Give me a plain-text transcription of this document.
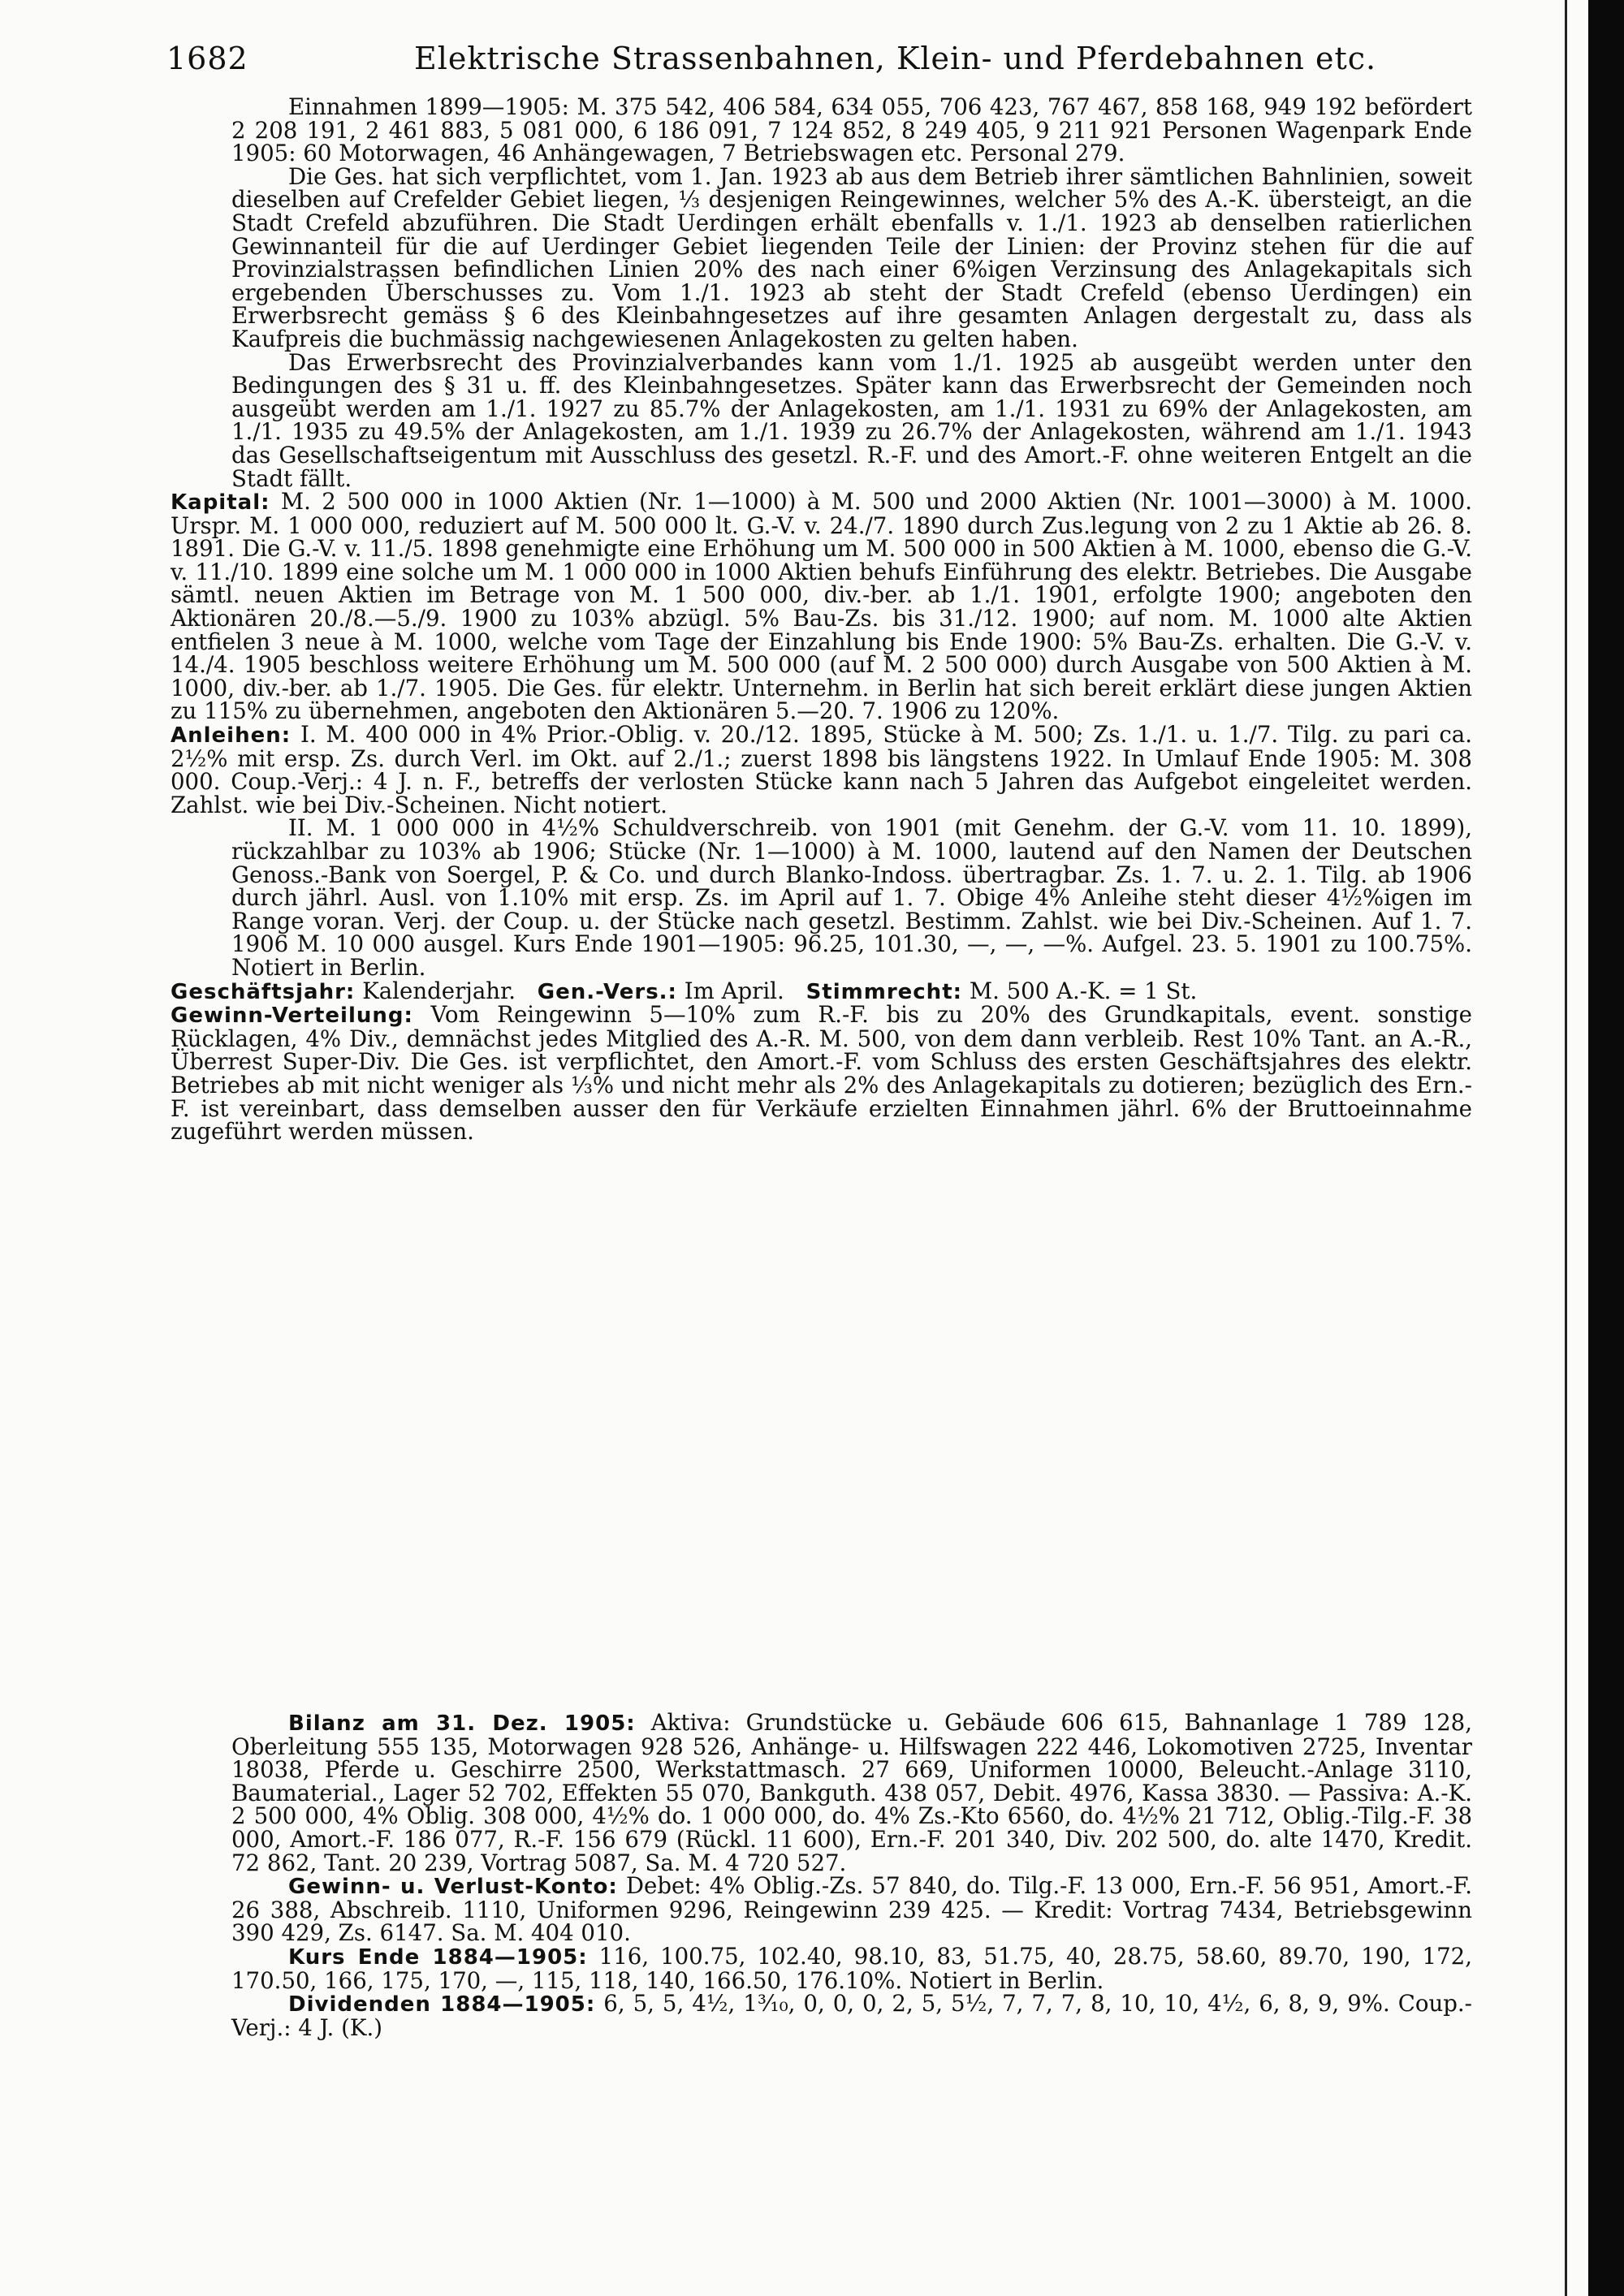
1682	Elektrische Strassenbahnen, Klein- und Pferdebahnen etc.

Einnahmen 1899—1905: M. 375 542, 406 584, 634 055, 706 423, 767 467, 858 168, 949 192 befördert 2 208 191, 2 461 883, 5 081 000, 6 186 091, 7 124 852, 8 249 405, 9 211 921 Personen Wagenpark Ende 1905: 60 Motorwagen, 46 Anhängewagen, 7 Betriebswagen etc. Personal 279.

Die Ges. hat sich verpflichtet, vom 1. Jan. 1923 ab aus dem Betrieb ihrer sämtlichen Bahnlinien, soweit dieselben auf Crefelder Gebiet liegen, ⅓ desjenigen Reingewinnes, welcher 5% des A.-K. übersteigt, an die Stadt Crefeld abzuführen. Die Stadt Uerdingen erhält ebenfalls v. 1./1. 1923 ab denselben ratierlichen Gewinnanteil für die auf Uerdinger Gebiet liegenden Teile der Linien: der Provinz stehen für die auf Provinzialstrassen befindlichen Linien 20% des nach einer 6%igen Verzinsung des Anlagekapitals sich ergebenden Überschusses zu. Vom 1./1. 1923 ab steht der Stadt Crefeld (ebenso Uerdingen) ein Erwerbsrecht gemäss § 6 des Kleinbahngesetzes auf ihre gesamten Anlagen dergestalt zu, dass als Kaufpreis die buchmässig nachgewiesenen Anlagekosten zu gelten haben.

Das Erwerbsrecht des Provinzialverbandes kann vom 1./1. 1925 ab ausgeübt werden unter den Bedingungen des § 31 u. ff. des Kleinbahngesetzes. Später kann das Erwerbsrecht der Gemeinden noch ausgeübt werden am 1./1. 1927 zu 85.7% der Anlagekosten, am 1./1. 1931 zu 69% der Anlagekosten, am 1./1. 1935 zu 49.5% der Anlagekosten, am 1./1. 1939 zu 26.7% der Anlagekosten, während am 1./1. 1943 das Gesellschaftseigentum mit Ausschluss des gesetzl. R.-F. und des Amort.-F. ohne weiteren Entgelt an die Stadt fällt.

Kapital: M. 2 500 000 in 1000 Aktien (Nr. 1—1000) à M. 500 und 2000 Aktien (Nr. 1001—3000) à M. 1000. Urspr. M. 1 000 000, reduziert auf M. 500 000 lt. G.-V. v. 24./7. 1890 durch Zus.legung von 2 zu 1 Aktie ab 26. 8. 1891. Die G.-V. v. 11./5. 1898 genehmigte eine Erhöhung um M. 500 000 in 500 Aktien à M. 1000, ebenso die G.-V. v. 11./10. 1899 eine solche um M. 1 000 000 in 1000 Aktien behufs Einführung des elektr. Betriebes. Die Ausgabe sämtl. neuen Aktien im Betrage von M. 1 500 000, div.-ber. ab 1./1. 1901, erfolgte 1900; angeboten den Aktionären 20./8.—5./9. 1900 zu 103% abzügl. 5% Bau-Zs. bis 31./12. 1900; auf nom. M. 1000 alte Aktien entfielen 3 neue à M. 1000, welche vom Tage der Einzahlung bis Ende 1900: 5% Bau-Zs. erhalten. Die G.-V. v. 14./4. 1905 beschloss weitere Erhöhung um M. 500 000 (auf M. 2 500 000) durch Ausgabe von 500 Aktien à M. 1000, div.-ber. ab 1./7. 1905. Die Ges. für elektr. Unternehm. in Berlin hat sich bereit erklärt diese jungen Aktien zu 115% zu übernehmen, angeboten den Aktionären 5.—20. 7. 1906 zu 120%.

Anleihen: I. M. 400 000 in 4% Prior.-Oblig. v. 20./12. 1895, Stücke à M. 500; Zs. 1./1. u. 1./7. Tilg. zu pari ca. 2½% mit ersp. Zs. durch Verl. im Okt. auf 2./1.; zuerst 1898 bis längstens 1922. In Umlauf Ende 1905: M. 308 000. Coup.-Verj.: 4 J. n. F., betreffs der verlosten Stücke kann nach 5 Jahren das Aufgebot eingeleitet werden. Zahlst. wie bei Div.-Scheinen. Nicht notiert.

II. M. 1 000 000 in 4½% Schuldverschreib. von 1901 (mit Genehm. der G.-V. vom 11. 10. 1899), rückzahlbar zu 103% ab 1906; Stücke (Nr. 1—1000) à M. 1000, lautend auf den Namen der Deutschen Genoss.-Bank von Soergel, P. & Co. und durch Blanko-Indoss. übertragbar. Zs. 1. 7. u. 2. 1. Tilg. ab 1906 durch jährl. Ausl. von 1.10% mit ersp. Zs. im April auf 1. 7. Obige 4% Anleihe steht dieser 4½%igen im Range voran. Verj. der Coup. u. der Stücke nach gesetzl. Bestimm. Zahlst. wie bei Div.-Scheinen. Auf 1. 7. 1906 M. 10 000 ausgel. Kurs Ende 1901—1905: 96.25, 101.30, —, —, —%. Aufgel. 23. 5. 1901 zu 100.75%. Notiert in Berlin.

Geschäftsjahr: Kalenderjahr. Gen.-Vers.: Im April. Stimmrecht: M. 500 A.-K. = 1 St.

Gewinn-Verteilung: Vom Reingewinn 5—10% zum R.-F. bis zu 20% des Grundkapitals, event. sonstige Rücklagen, 4% Div., demnächst jedes Mitglied des A.-R. M. 500, von dem dann verbleib. Rest 10% Tant. an A.-R., Überrest Super-Div. Die Ges. ist verpflichtet, den Amort.-F. vom Schluss des ersten Geschäftsjahres des elektr. Betriebes ab mit nicht weniger als ⅓% und nicht mehr als 2% des Anlagekapitals zu dotieren; bezüglich des Ern.-F. ist vereinbart, dass demselben ausser den für Verkäufe erzielten Einnahmen jährl. 6% der Bruttoeinnahme zugeführt werden müssen.

Bilanz am 31. Dez. 1905: Aktiva: Grundstücke u. Gebäude 606 615, Bahnanlage 1 789 128, Oberleitung 555 135, Motorwagen 928 526, Anhänge- u. Hilfswagen 222 446, Lokomotiven 2725, Inventar 18038, Pferde u. Geschirre 2500, Werkstattmasch. 27 669, Uniformen 10000, Beleucht.-Anlage 3110, Baumaterial., Lager 52 702, Effekten 55 070, Bankguth. 438 057, Debit. 4976, Kassa 3830. — Passiva: A.-K. 2 500 000, 4% Oblig. 308 000, 4½% do. 1 000 000, do. 4% Zs.-Kto 6560, do. 4½% 21 712, Oblig.-Tilg.-F. 38 000, Amort.-F. 186 077, R.-F. 156 679 (Rückl. 11 600), Ern.-F. 201 340, Div. 202 500, do. alte 1470, Kredit. 72 862, Tant. 20 239, Vortrag 5087, Sa. M. 4 720 527.

Gewinn- u. Verlust-Konto: Debet: 4% Oblig.-Zs. 57 840, do. Tilg.-F. 13 000, Ern.-F. 56 951, Amort.-F. 26 388, Abschreib. 1110, Uniformen 9296, Reingewinn 239 425. — Kredit: Vortrag 7434, Betriebsgewinn 390 429, Zs. 6147. Sa. M. 404 010.

Kurs Ende 1884—1905: 116, 100.75, 102.40, 98.10, 83, 51.75, 40, 28.75, 58.60, 89.70, 190, 172, 170.50, 166, 175, 170, —, 115, 118, 140, 166.50, 176.10%. Notiert in Berlin.

Dividenden 1884—1905: 6, 5, 5, 4½, 1³⁄₁₀, 0, 0, 0, 2, 5, 5½, 7, 7, 7, 8, 10, 10, 4½, 6, 8, 9, 9%. Coup.-Verj.: 4 J. (K.)
